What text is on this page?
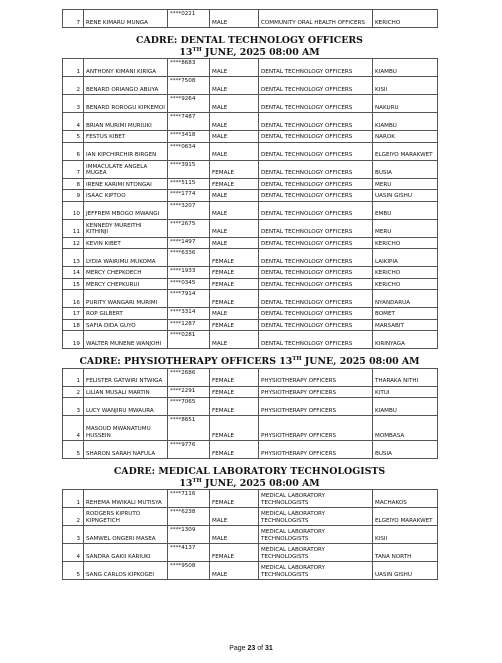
7	RENE KIMARU MUNGA	****0221	MALE	COMMUNITY ORAL HEALTH OFFICERS	KERICHO
CADRE: DENTAL TECHNOLOGY OFFICERS
13TH JUNE, 2025 08:00 AM
1	ANTHONY KIMANI KIRIGA	****8683	MALE	DENTAL TECHNOLOGY OFFICERS	KIAMBU
2	BENARD ORIANGO ABUYA	****7508	MALE	DENTAL TECHNOLOGY OFFICERS	KISII
3	BENARD ROROGU KIPKEMOI	****9264	MALE	DENTAL TECHNOLOGY OFFICERS	NAKURU
4	BRIAN MURIMI MURIUKI	****7487	MALE	DENTAL TECHNOLOGY OFFICERS	KIAMBU
5	FESTUS KIBET	****3418	MALE	DENTAL TECHNOLOGY OFFICERS	NAROK
6	IAN KIPCHIRCHIR BIRGEN	****0634	MALE	DENTAL TECHNOLOGY OFFICERS	ELGEIYO MARAKWET
7	IMMACULATE ANGELA MUGEA	****3915	FEMALE	DENTAL TECHNOLOGY OFFICERS	BUSIA
8	IRENE KARIMI NTONGAI	****5115	FEMALE	DENTAL TECHNOLOGY OFFICERS	MERU
9	ISAAC KIPTOO	****1774	MALE	DENTAL TECHNOLOGY OFFICERS	UASIN GISHU
10	JEFFREM MBOGO MWANGI	****3207	MALE	DENTAL TECHNOLOGY OFFICERS	EMBU
11	KENNEDY MUREITHI KITHINJI	****2675	MALE	DENTAL TECHNOLOGY OFFICERS	MERU
12	KEVIN KIBET	****1497	MALE	DENTAL TECHNOLOGY OFFICERS	KERICHO
13	LYDIA WAIRIMU MUKOMA	****6336	FEMALE	DENTAL TECHNOLOGY OFFICERS	LAIKIPIA
14	MERCY CHEPKOECH	****1933	FEMALE	DENTAL TECHNOLOGY OFFICERS	KERICHO
15	MERCY CHEPKURUI	****0345	FEMALE	DENTAL TECHNOLOGY OFFICERS	KERICHO
16	PURITY WANGARI MURIMI	****7914	FEMALE	DENTAL TECHNOLOGY OFFICERS	NYANDARUA
17	ROP GILBERT	****3314	MALE	DENTAL TECHNOLOGY OFFICERS	BOMET
18	SAFIA DIDA GUYO	****1287	FEMALE	DENTAL TECHNOLOGY OFFICERS	MARSABIT
19	WALTER MUNENE WANJOHI	****0281	MALE	DENTAL TECHNOLOGY OFFICERS	KIRINYAGA
CADRE: PHYSIOTHERAPY OFFICERS 13TH JUNE, 2025 08:00 AM
1	FELISTER GATWIRI NTWIGA	****2686	FEMALE	PHYSIOTHERAPY OFFICERS	THARAKA NITHI
2	LILIAN MUSALI MARTIN	****2291	FEMALE	PHYSIOTHERAPY OFFICERS	KITUI
3	LUCY WANJIRU MWAURA	****7065	FEMALE	PHYSIOTHERAPY OFFICERS	KIAMBU
4	MASOUD MWANATUMU HUSSEIN	****8651	FEMALE	PHYSIOTHERAPY OFFICERS	MOMBASA
5	SHARON SARAH NAFULA	****9776	FEMALE	PHYSIOTHERAPY OFFICERS	BUSIA
CADRE: MEDICAL LABORATORY TECHNOLOGISTS
13TH JUNE, 2025 08:00 AM
1	REHEMA MWIKALI MUTISYA	****7116	FEMALE	MEDICAL LABORATORY TECHNOLOGISTS	MACHAKOS
2	RODGERS KIPRUTO KIPNGETICH	****6238	MALE	MEDICAL LABORATORY TECHNOLOGISTS	ELGEIYO MARAKWET
3	SAMWEL ONGERI MASEA	****1309	MALE	MEDICAL LABORATORY TECHNOLOGISTS	KISII
4	SANDRA GAKII KARIUKI	****4137	FEMALE	MEDICAL LABORATORY TECHNOLOGISTS	TANA NORTH
5	SANG CARLOS KIPKOGEI	****9508	MALE	MEDICAL LABORATORY TECHNOLOGISTS	UASIN GISHU
Page 23 of 31
